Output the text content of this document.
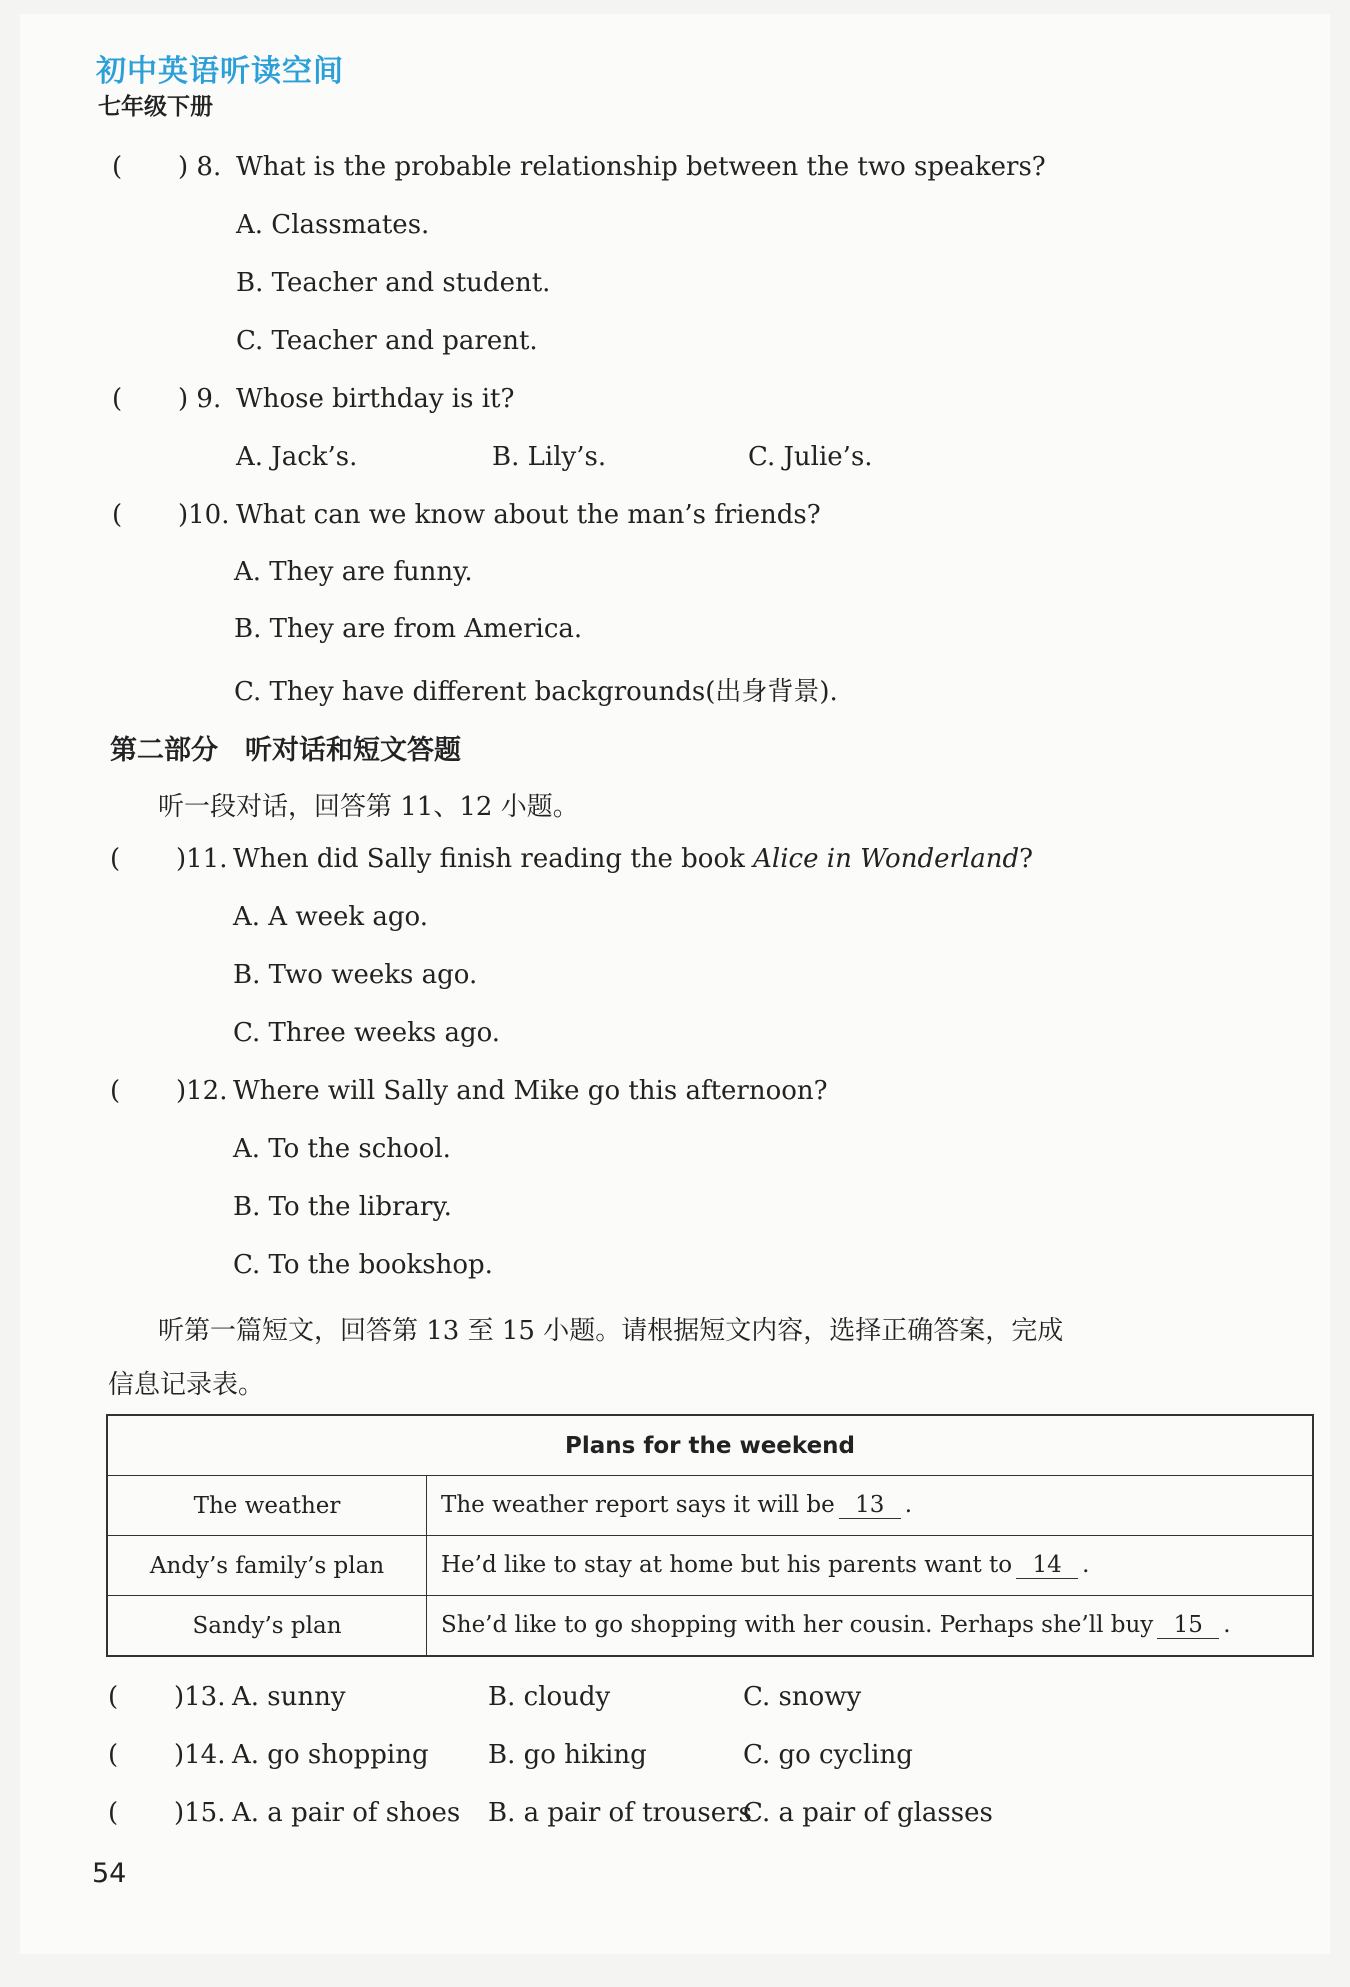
初中英语听读空间
七年级下册
( ) 8. What is the probable relationship between the two speakers?
A. Classmates.
B. Teacher and student.
C. Teacher and parent.
( ) 9. Whose birthday is it?
A. Jack’s.	B. Lily’s.	C. Julie’s.
( )10. What can we know about the man’s friends?
A. They are funny.
B. They are from America.
C. They have different backgrounds(出身背景).
第二部分　听对话和短文答题
听一段对话，回答第 11、12 小题。
( )11. When did Sally finish reading the book Alice in Wonderland?
A. A week ago.
B. Two weeks ago.
C. Three weeks ago.
( )12. Where will Sally and Mike go this afternoon?
A. To the school.
B. To the library.
C. To the bookshop.
听第一篇短文，回答第 13 至 15 小题。请根据短文内容，选择正确答案，完成
信息记录表。
Plans for the weekend	
The weather	The weather report says it will be 13 .
Andy’s family’s plan	He’d like to stay at home but his parents want to 14 .
Sandy’s plan	She’d like to go shopping with her cousin. Perhaps she’ll buy 15 .
( )13. A. sunny	B. cloudy	C. snowy
( )14. A. go shopping B. go hiking	C. go cycling
( )15. A. a pair of shoes B. a pair of trousers
C. a pair of glasses
54
